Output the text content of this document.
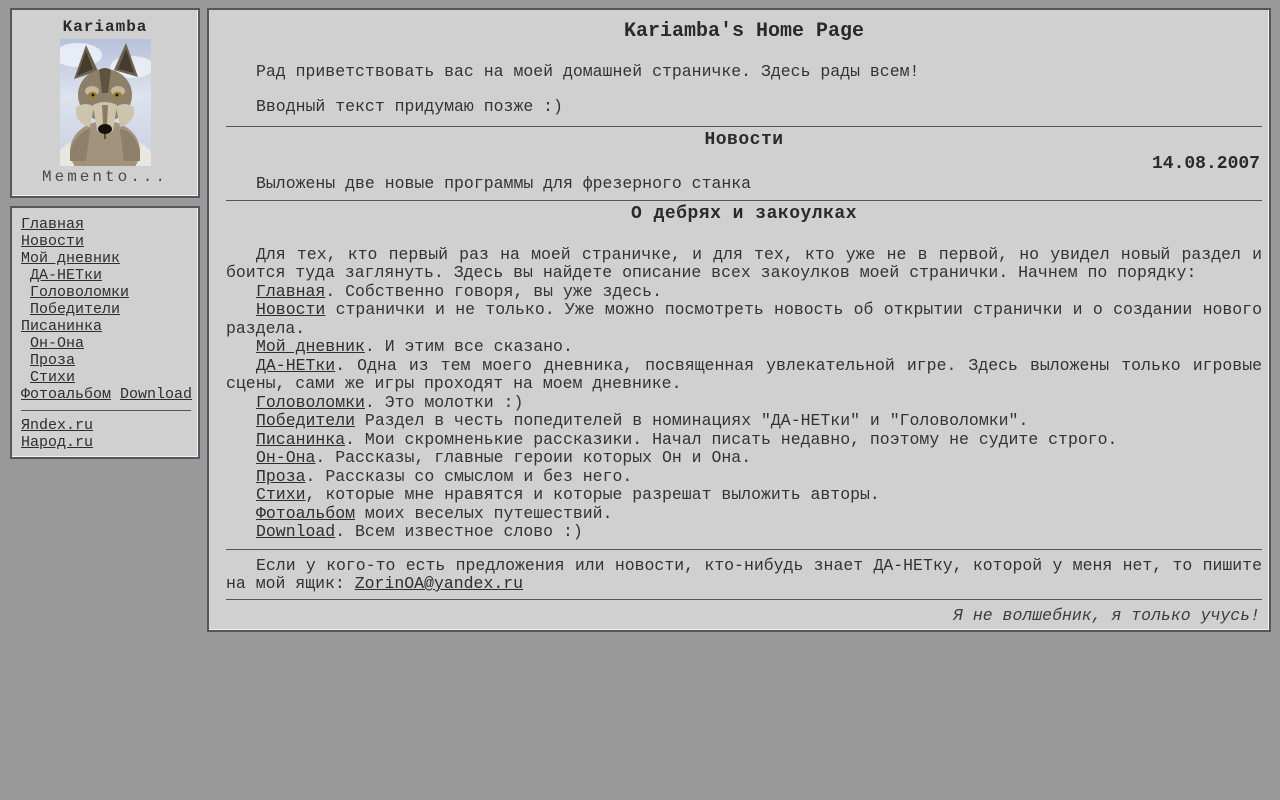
Kariamba
Memento...
Главная
Новости
Мой дневник
ДА-НЕТки
Головоломки
Победители
Писанинка
Он-Она
Проза
Стихи
Фотоальбом Download
Яndex.ru
Народ.ru
Kariamba's Home Page

Рад приветствовать вас на моей домашней страничке. Здесь рады всем!

Вводный текст придумаю позже :)

Новости
14.08.2007

Выложены две новые программы для фрезерного станка

О дебрях и закоулках

Для тех, кто первый раз на моей страничке, и для тех, кто уже не в первой, но увидел новый раздел и боится туда заглянуть. Здесь вы найдете описание всех закоулков моей странички. Начнем по порядку:

Главная. Собственно говоря, вы уже здесь.

Новости странички и не только. Уже можно посмотреть новость об открытии странички и о создании нового раздела.

Мой дневник. И этим все сказано.

ДА-НЕТки. Одна из тем моего дневника, посвященная увлекательной игре. Здесь выложены только игровые сцены, сами же игры проходят на моем дневнике.

Головоломки. Это молотки :)

Победители Раздел в честь попедителей в номинациях "ДА-НЕТки" и "Головоломки".

Писанинка. Мои скромненькие рассказики. Начал писать недавно, поэтому не судите строго.

Он-Она. Рассказы, главные героии которых Он и Она.

Проза. Рассказы со смыслом и без него.

Стихи, которые мне нравятся и которые разрешат выложить авторы.

Фотоальбом моих веселых путешествий.

Download. Всем известное слово :)

Если у кого-то есть предложения или новости, кто-нибудь знает ДА-НЕТку, которой у меня нет, то пишите на мой ящик: ZorinOA@yandex.ru

Я не волшебник, я только учусь!
